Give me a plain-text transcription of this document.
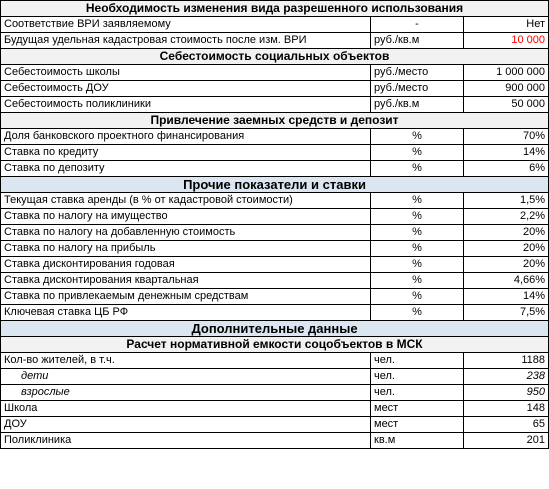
Необходимость изменения вида разрешенного использования		
Соответствие ВРИ заявляемому	-	Нет
Будущая удельная кадастровая стоимость после изм. ВРИ	руб./кв.м	10 000
Себестоимость социальных объектов		
Себестоимость школы	руб./место	1 000 000
Себестоимость ДОУ	руб./место	900 000
Себестоимость поликлиники	руб./кв.м	50 000
Привлечение заемных средств и депозит		
Доля банковского проектного финансирования	%	70%
Ставка по кредиту	%	14%
Ставка по депозиту	%	6%
Прочие показатели и ставки		
Текущая ставка аренды (в % от кадастровой стоимости)	%	1,5%
Ставка по налогу на имущество	%	2,2%
Ставка по налогу на добавленную стоимость	%	20%
Ставка по налогу на прибыль	%	20%
Ставка дисконтирования годовая	%	20%
Ставка дисконтирования квартальная	%	4,66%
Ставка по привлекаемым денежным средствам	%	14%
Ключевая ставка ЦБ РФ	%	7,5%
Дополнительные данные		
Расчет нормативной емкости соцобъектов в МСК		
Кол-во жителей, в т.ч.	чел.	1188
дети	чел.	238
взрослые	чел.	950
Школа	мест	148
ДОУ	мест	65
Поликлиника	кв.м	201
